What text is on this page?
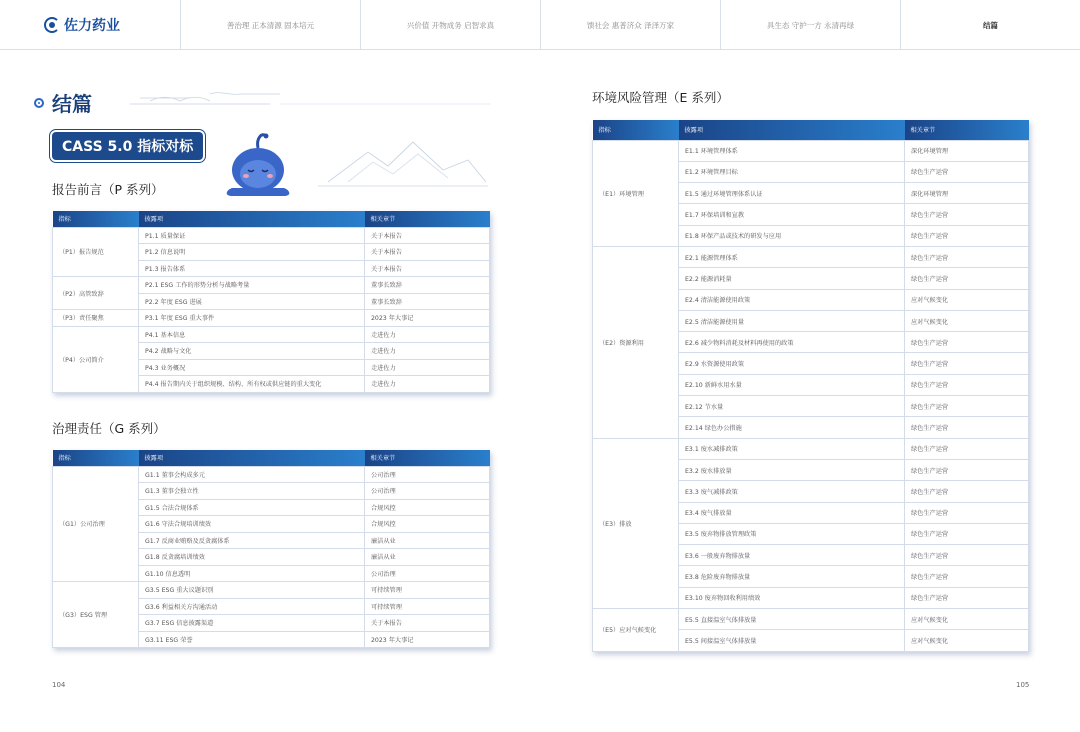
佐力药业	善治理 正本清源 固本培元	兴价值 开物成务 启智求真	馈社会 惠普济众 泽泽万家	具生态 守护一方 永清再绿	结篇
结篇
CASS 5.0 指标对标
报告前言（P 系列）
指标	披露项	相关章节
（P1）报告规范	P1.1 质量保证	关于本报告
	P1.2 信息说明	关于本报告
	P1.3 报告体系	关于本报告
（P2）高管致辞	P2.1 ESG 工作的形势分析与战略考量	董事长致辞
	P2.2 年度 ESG 进展	董事长致辞
（P3）责任聚焦	P3.1 年度 ESG 重大事件	2023 年大事记
（P4）公司简介	P4.1 基本信息	走进佐力
	P4.2 战略与文化	走进佐力
	P4.3 业务概况	走进佐力
	P4.4 报告期内关于组织规模、结构、所有权或供应链的重大变化	走进佐力
治理责任（G 系列）
指标	披露项	相关章节
（G1）公司治理	G1.1 董事会构成多元	公司治理
	G1.3 董事会独立性	公司治理
	G1.5 合法合规体系	合规风控
	G1.6 守法合规培训绩效	合规风控
	G1.7 反商业贿赂及反贪腐体系	廉洁从业
	G1.8 反贪腐培训绩效	廉洁从业
	G1.10 信息透明	公司治理
（G3）ESG 管理	G3.5 ESG 重大议题识别	可持续管理
	G3.6 利益相关方沟通活动	可持续管理
	G3.7 ESG 信息披露渠道	关于本报告
	G3.11 ESG 荣誉	2023 年大事记
104
环境风险管理（E 系列）
指标	披露项	相关章节
（E1）环境管理	E1.1 环境管理体系	深化环境管理
	E1.2 环境管理目标	绿色生产运营
	E1.5 通过环境管理体系认证	深化环境管理
	E1.7 环保培训和宣教	绿色生产运营
	E1.8 环保产品或技术的研发与应用	绿色生产运营
（E2）资源利用	E2.1 能源管理体系	绿色生产运营
	E2.2 能源消耗量	绿色生产运营
	E2.4 清洁能源使用政策	应对气候变化
	E2.5 清洁能源使用量	应对气候变化
	E2.6 减少物料消耗及材料再使用的政策	绿色生产运营
	E2.9 水资源使用政策	绿色生产运营
	E2.10 新鲜水用水量	绿色生产运营
	E2.12 节水量	绿色生产运营
	E2.14 绿色办公措施	绿色生产运营
（E3）排放	E3.1 废水减排政策	绿色生产运营
	E3.2 废水排放量	绿色生产运营
	E3.3 废气减排政策	绿色生产运营
	E3.4 废气排放量	绿色生产运营
	E3.5 废弃物排放管理政策	绿色生产运营
	E3.6 一般废弃物排放量	绿色生产运营
	E3.8 危险废弃物排放量	绿色生产运营
	E3.10 废弃物回收利用绩效	绿色生产运营
（E5）应对气候变化	E5.5 直接温室气体排放量	应对气候变化
	E5.5 间接温室气体排放量	应对气候变化
105
